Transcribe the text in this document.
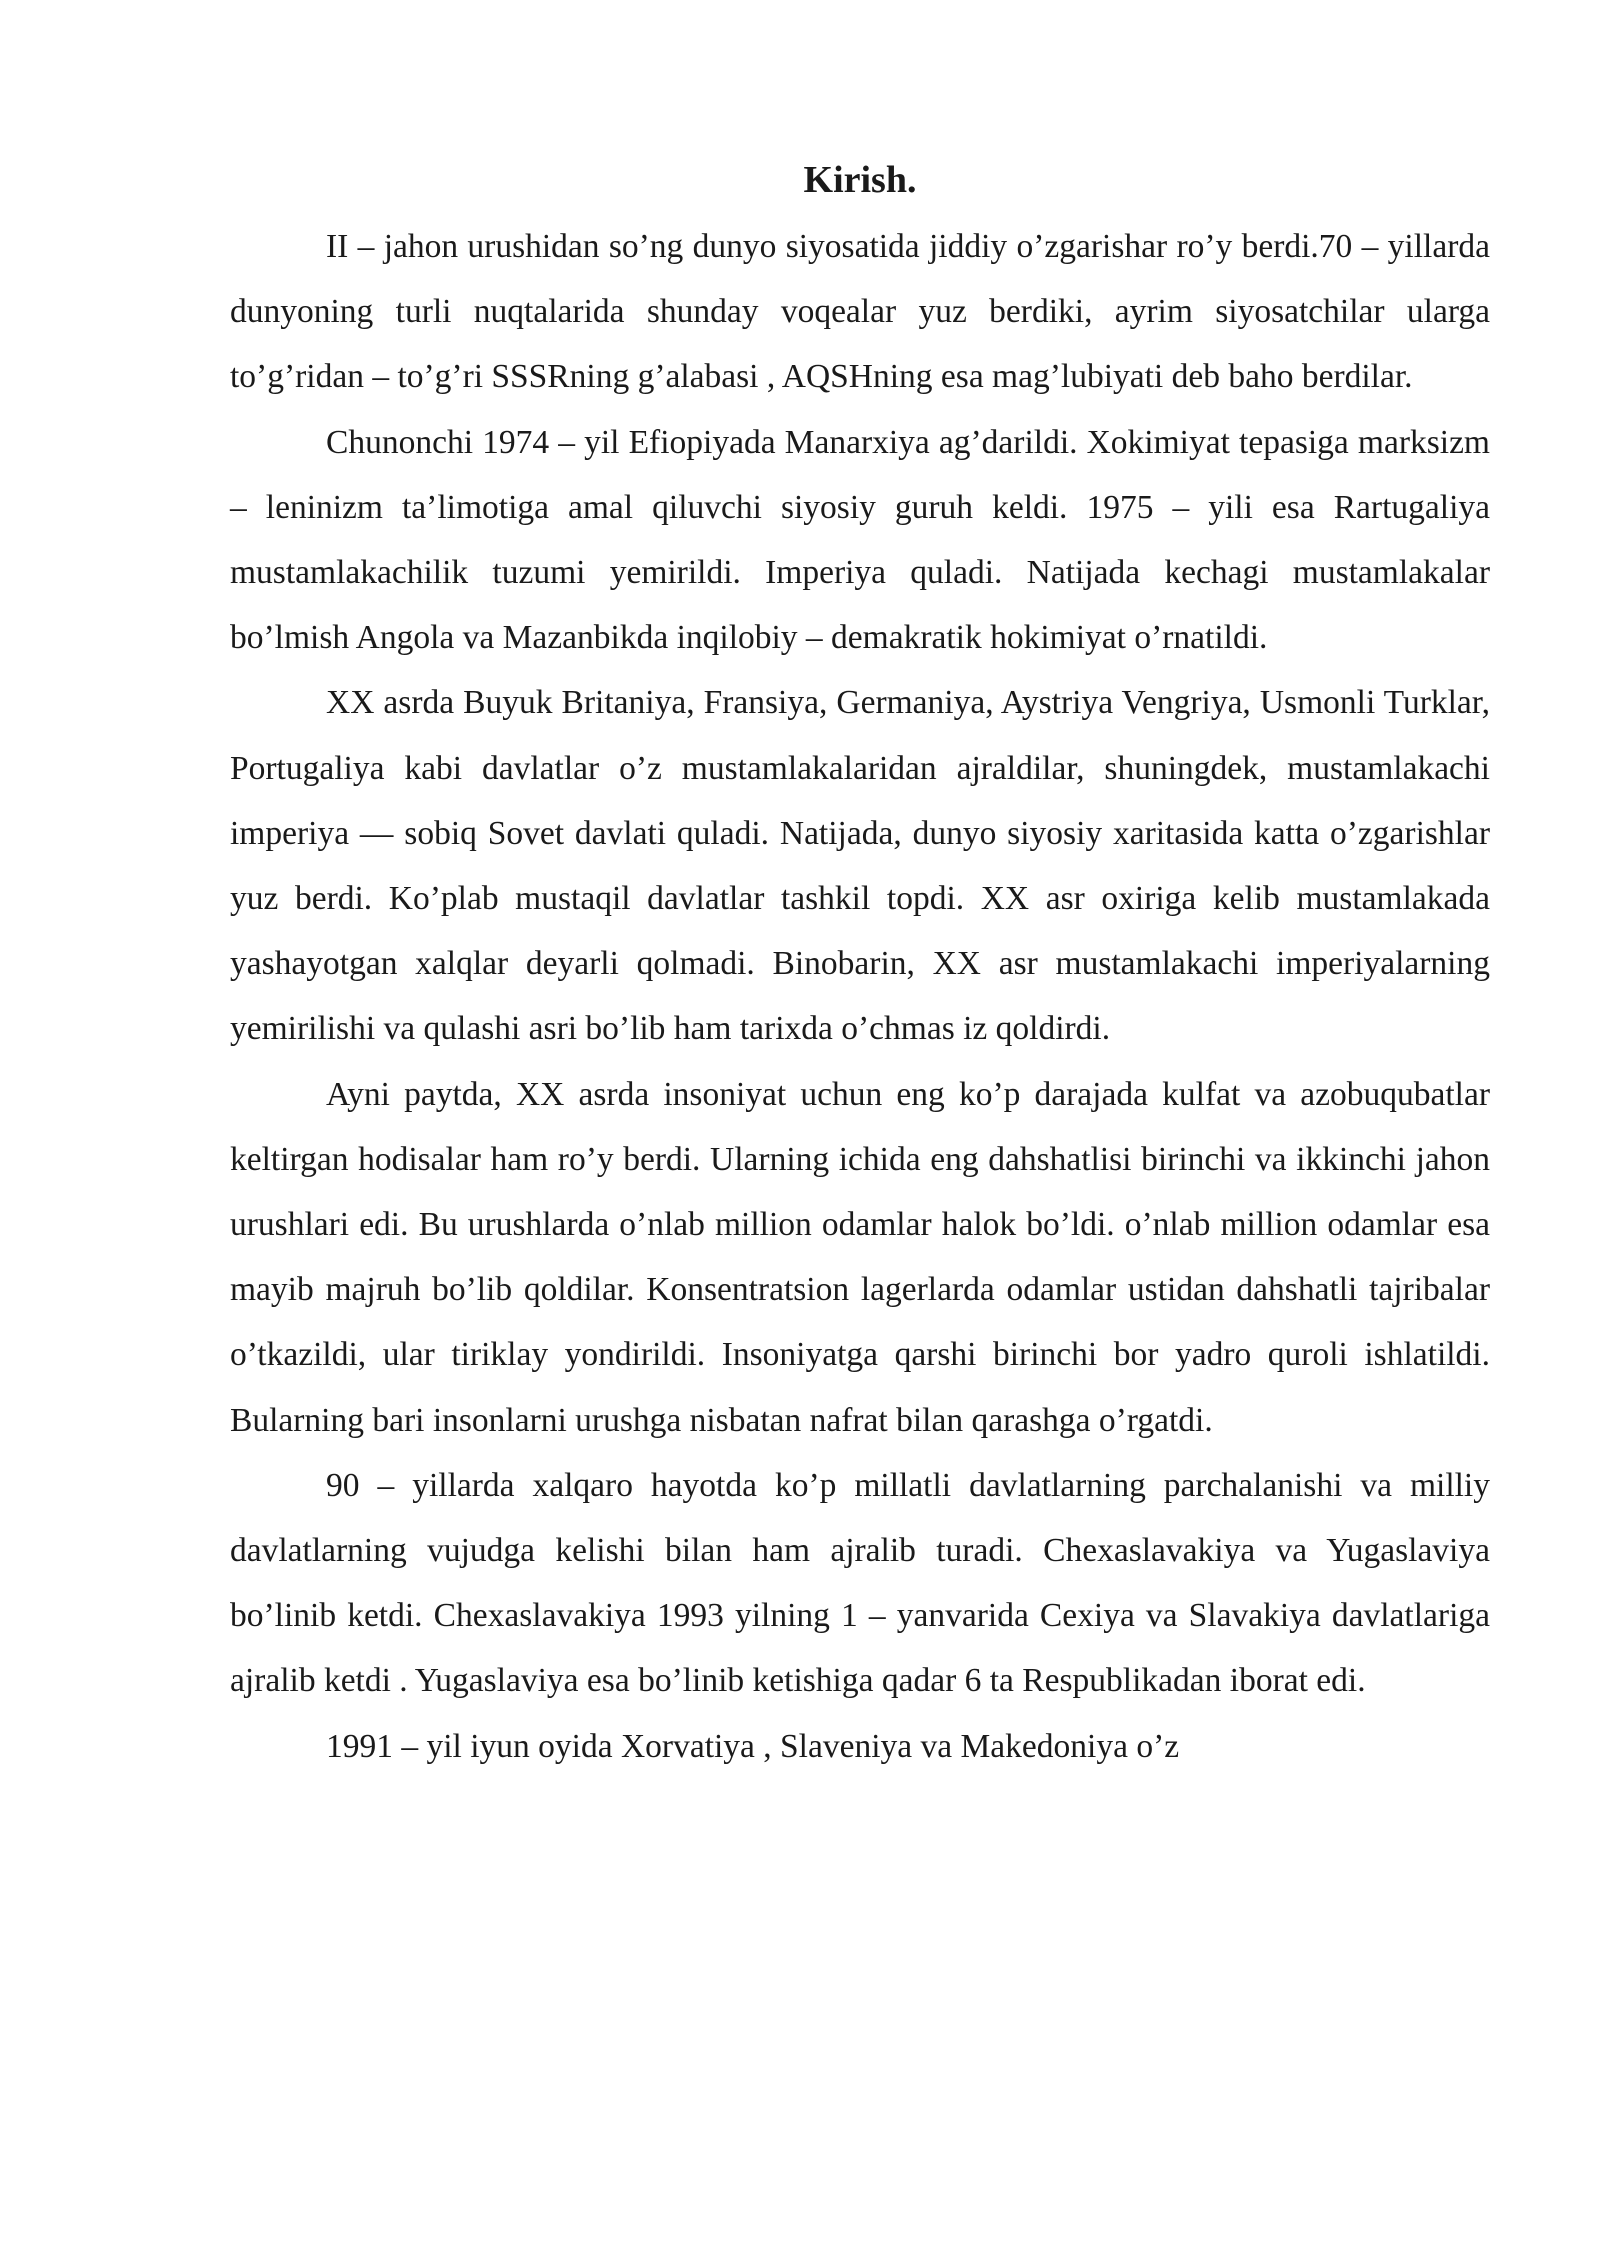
Kirish.

II – jahon urushidan so’ng dunyo siyosatida jiddiy o’zgarishar ro’y berdi.70 – yillarda dunyoning turli nuqtalarida shunday voqealar yuz berdiki, ayrim siyosatchilar ularga to’g’ridan – to’g’ri SSSRning g’alabasi , AQSHning esa mag’lubiyati deb baho berdilar.

Chunonchi 1974 – yil Efiopiyada Manarxiya ag’darildi. Xokimiyat tepasiga marksizm – leninizm ta’limotiga amal qiluvchi siyosiy guruh keldi. 1975 – yili esa Rartugaliya mustamlakachilik tuzumi yemirildi. Imperiya quladi. Natijada kechagi mustamlakalar bo’lmish Angola va Mazanbikda inqilobiy – demakratik hokimiyat o’rnatildi.

XX asrda Buyuk Britaniya, Fransiya, Germaniya, Aystriya Vengriya, Usmonli Turklar, Portugaliya kabi davlatlar o’z mustamlakalaridan ajraldilar, shuningdek, mustamlakachi imperiya — sobiq Sovet davlati quladi. Natijada, dunyo siyosiy xaritasida katta o’zgarishlar yuz berdi. Ko’plab mustaqil davlatlar tashkil topdi. XX asr oxiriga kelib mustamlakada yashayotgan xalqlar deyarli qolmadi. Binobarin, XX asr mustamlakachi imperiyalarning yemirilishi va qulashi asri bo’lib ham tarixda o’chmas iz qoldirdi.

Ayni paytda, XX asrda insoniyat uchun eng ko’p darajada kulfat va azobuqubatlar keltirgan hodisalar ham ro’y berdi. Ularning ichida eng dahshatlisi birinchi va ikkinchi jahon urushlari edi. Bu urushlarda o’nlab million odamlar halok bo’ldi. o’nlab million odamlar esa mayib majruh bo’lib qoldilar. Konsentratsion lagerlarda odamlar ustidan dahshatli tajribalar o’tkazildi, ular tiriklay yondirildi. Insoniyatga qarshi birinchi bor yadro quroli ishlatildi. Bularning bari insonlarni urushga nisbatan nafrat bilan qarashga o’rgatdi.

90 – yillarda xalqaro hayotda ko’p millatli davlatlarning parchalanishi va milliy davlatlarning vujudga kelishi bilan ham ajralib turadi. Chexaslavakiya va Yugaslaviya bo’linib ketdi. Chexaslavakiya 1993 yilning 1 – yanvarida Cexiya va Slavakiya davlatlariga ajralib ketdi . Yugaslaviya esa bo’linib ketishiga qadar 6 ta Respublikadan iborat edi.

1991 – yil iyun oyida Xorvatiya , Slaveniya va Makedoniya o’z
